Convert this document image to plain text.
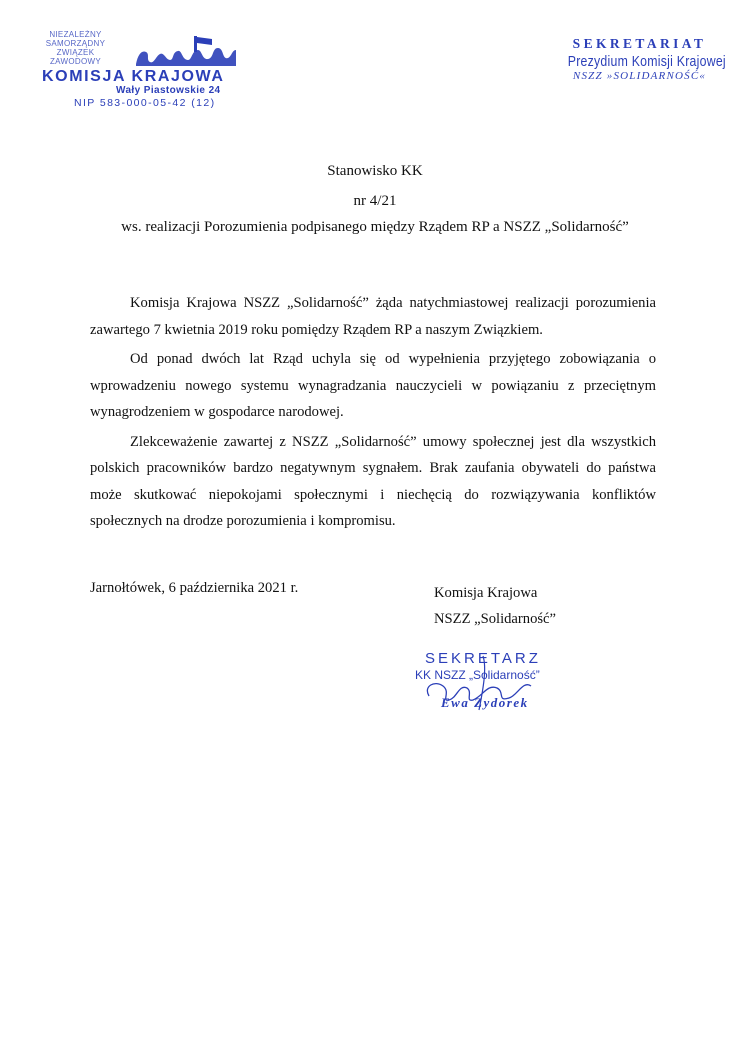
NIEZALEŻNY
SAMORZĄDNY
ZWIĄZEK
ZAWODOWY
KOMISJA KRAJOWA
Wały Piastowskie 24
NIP 583-000-05-42 (12)
SEKRETARIAT
Prezydium Komisji Krajowej
NSZZ »SOLIDARNOŚĆ«
Stanowisko KK
nr 4/21
ws. realizacji Porozumienia podpisanego między Rządem RP a NSZZ „Solidarność”

Komisja Krajowa NSZZ „Solidarność” żąda natychmiastowej realizacji porozumienia zawartego 7 kwietnia 2019 roku pomiędzy Rządem RP a naszym Związkiem.

Od ponad dwóch lat Rząd uchyla się od wypełnienia przyjętego zobowiązania o wprowadzeniu nowego systemu wynagradzania nauczycieli w powiązaniu z przeciętnym wynagrodzeniem w gospodarce narodowej.

Zlekceważenie zawartej z NSZZ „Solidarność” umowy społecznej jest dla wszystkich polskich pracowników bardzo negatywnym sygnałem. Brak zaufania obywateli do państwa może skutkować niepokojami społecznymi i niechęcią do rozwiązywania konfliktów społecznych na drodze porozumienia i kompromisu.

Jarnołtówek, 6 października 2021 r.	Komisja Krajowa
NSZZ „Solidarność”
SEKRETARZ
KK NSZZ „Solidarność”
Ewa Zydorek
